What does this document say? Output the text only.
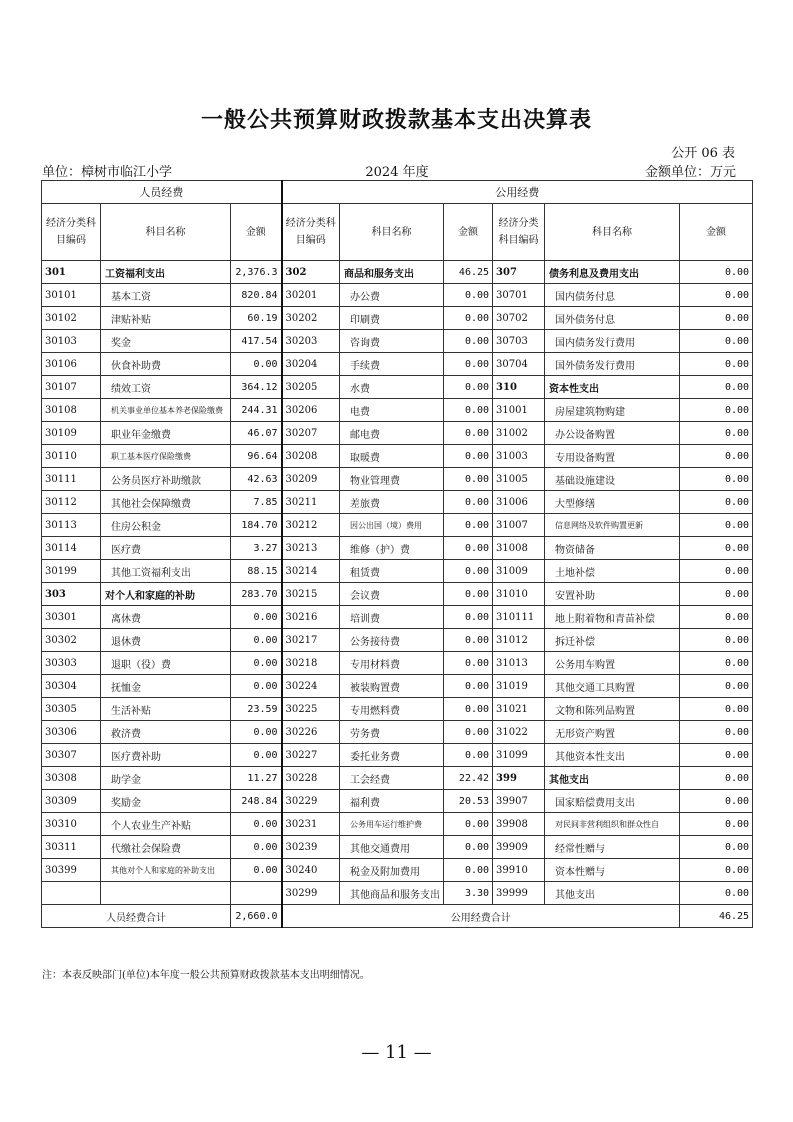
一般公共预算财政拨款基本支出决算表
公开 06 表
单位：樟树市临江小学	2024 年度	金额单位：万元
人员经费			公用经费					
经济分类科目编码	科目名称	金额	经济分类科目编码	科目名称	金额	经济分类科目编码	科目名称	金额
301	工资福利支出	2,376.3	302	商品和服务支出	46.25	307	债务利息及费用支出	0.00
30101	基本工资	820.84	30201	办公费	0.00	30701	国内债务付息	0.00
30102	津贴补贴	60.19	30202	印刷费	0.00	30702	国外债务付息	0.00
30103	奖金	417.54	30203	咨询费	0.00	30703	国内债务发行费用	0.00
30106	伙食补助费	0.00	30204	手续费	0.00	30704	国外债务发行费用	0.00
30107	绩效工资	364.12	30205	水费	0.00	310	资本性支出	0.00
30108	机关事业单位基本养老保险缴费	244.31	30206	电费	0.00	31001	房屋建筑物购建	0.00
30109	职业年金缴费	46.07	30207	邮电费	0.00	31002	办公设备购置	0.00
30110	职工基本医疗保险缴费	96.64	30208	取暖费	0.00	31003	专用设备购置	0.00
30111	公务员医疗补助缴款	42.63	30209	物业管理费	0.00	31005	基础设施建设	0.00
30112	其他社会保障缴费	7.85	30211	差旅费	0.00	31006	大型修缮	0.00
30113	住房公积金	184.70	30212	因公出国（境）费用	0.00	31007	信息网络及软件购置更新	0.00
30114	医疗费	3.27	30213	维修（护）费	0.00	31008	物资储备	0.00
30199	其他工资福利支出	88.15	30214	租赁费	0.00	31009	土地补偿	0.00
303	对个人和家庭的补助	283.70	30215	会议费	0.00	31010	安置补助	0.00
30301	离休费	0.00	30216	培训费	0.00	310111	地上附着物和青苗补偿	0.00
30302	退休费	0.00	30217	公务接待费	0.00	31012	拆迁补偿	0.00
30303	退职（役）费	0.00	30218	专用材料费	0.00	31013	公务用车购置	0.00
30304	抚恤金	0.00	30224	被装购置费	0.00	31019	其他交通工具购置	0.00
30305	生活补贴	23.59	30225	专用燃料费	0.00	31021	文物和陈列品购置	0.00
30306	救济费	0.00	30226	劳务费	0.00	31022	无形资产购置	0.00
30307	医疗费补助	0.00	30227	委托业务费	0.00	31099	其他资本性支出	0.00
30308	助学金	11.27	30228	工会经费	22.42	399	其他支出	0.00
30309	奖励金	248.84	30229	福利费	20.53	39907	国家赔偿费用支出	0.00
30310	个人农业生产补贴	0.00	30231	公务用车运行维护费	0.00	39908	对民间非营利组织和群众性自	0.00
30311	代缴社会保险费	0.00	30239	其他交通费用	0.00	39909	经常性赠与	0.00
30399	其他对个人和家庭的补助支出	0.00	30240	税金及附加费用	0.00	39910	资本性赠与	0.00
			30299	其他商品和服务支出	3.30	39999	其他支出	0.00
人员经费合计		2,660.0	公用经费合计					46.25
注：本表反映部门(单位)本年度一般公共预算财政拨款基本支出明细情况。
— 11 —
